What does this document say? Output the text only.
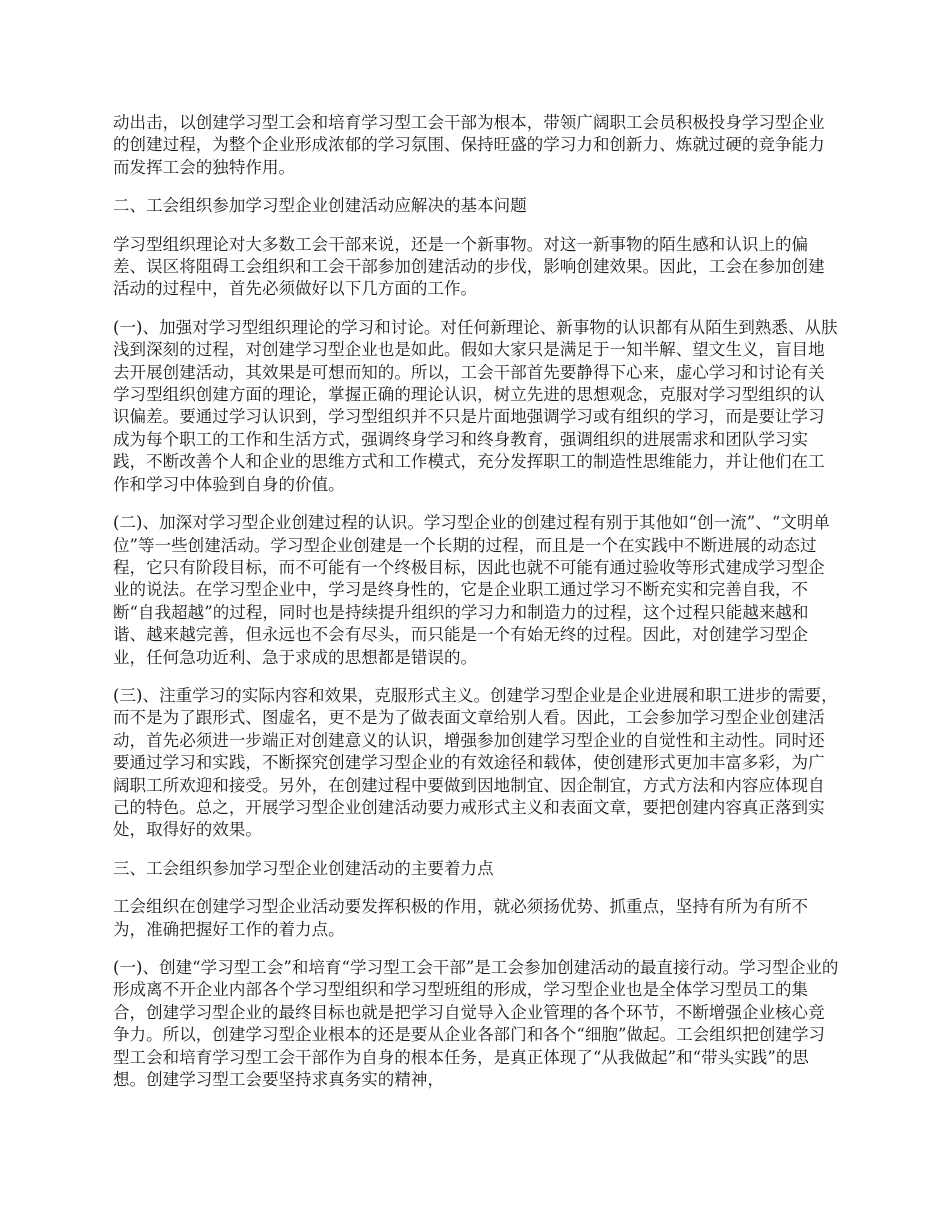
动出击，以创建学习型工会和培育学习型工会干部为根本，带领广阔职工会员积极投身学习型企业的创建过程，为整个企业形成浓郁的学习氛围、保持旺盛的学习力和创新力、炼就过硬的竞争能力而发挥工会的独特作用。

二、工会组织参加学习型企业创建活动应解决的基本问题

学习型组织理论对大多数工会干部来说，还是一个新事物。对这一新事物的陌生感和认识上的偏差、误区将阻碍工会组织和工会干部参加创建活动的步伐，影响创建效果。因此，工会在参加创建活动的过程中，首先必须做好以下几方面的工作。

(一)、加强对学习型组织理论的学习和讨论。对任何新理论、新事物的认识都有从陌生到熟悉、从肤浅到深刻的过程，对创建学习型企业也是如此。假如大家只是满足于一知半解、望文生义，盲目地去开展创建活动，其效果是可想而知的。所以，工会干部首先要静得下心来，虚心学习和讨论有关学习型组织创建方面的理论，掌握正确的理论认识，树立先进的思想观念，克服对学习型组织的认识偏差。要通过学习认识到，学习型组织并不只是片面地强调学习或有组织的学习，而是要让学习成为每个职工的工作和生活方式，强调终身学习和终身教育，强调组织的进展需求和团队学习实践，不断改善个人和企业的思维方式和工作模式，充分发挥职工的制造性思维能力，并让他们在工作和学习中体验到自身的价值。

(二)、加深对学习型企业创建过程的认识。学习型企业的创建过程有别于其他如“创一流”、“文明单位”等一些创建活动。学习型企业创建是一个长期的过程，而且是一个在实践中不断进展的动态过程，它只有阶段目标，而不可能有一个终极目标，因此也就不可能有通过验收等形式建成学习型企业的说法。在学习型企业中，学习是终身性的，它是企业职工通过学习不断充实和完善自我，不断“自我超越”的过程，同时也是持续提升组织的学习力和制造力的过程，这个过程只能越来越和谐、越来越完善，但永远也不会有尽头，而只能是一个有始无终的过程。因此，对创建学习型企业，任何急功近利、急于求成的思想都是错误的。

(三)、注重学习的实际内容和效果，克服形式主义。创建学习型企业是企业进展和职工进步的需要，而不是为了跟形式、图虚名，更不是为了做表面文章给别人看。因此，工会参加学习型企业创建活动，首先必须进一步端正对创建意义的认识，增强参加创建学习型企业的自觉性和主动性。同时还要通过学习和实践，不断探究创建学习型企业的有效途径和载体，使创建形式更加丰富多彩，为广阔职工所欢迎和接受。另外，在创建过程中要做到因地制宜、因企制宜，方式方法和内容应体现自己的特色。总之，开展学习型企业创建活动要力戒形式主义和表面文章，要把创建内容真正落到实处，取得好的效果。

三、工会组织参加学习型企业创建活动的主要着力点

工会组织在创建学习型企业活动要发挥积极的作用，就必须扬优势、抓重点，坚持有所为有所不为，准确把握好工作的着力点。

(一)、创建“学习型工会”和培育“学习型工会干部”是工会参加创建活动的最直接行动。学习型企业的形成离不开企业内部各个学习型组织和学习型班组的形成，学习型企业也是全体学习型员工的集合，创建学习型企业的最终目标也就是把学习自觉导入企业管理的各个环节，不断增强企业核心竞争力。所以，创建学习型企业根本的还是要从企业各部门和各个“细胞”做起。工会组织把创建学习型工会和培育学习型工会干部作为自身的根本任务，是真正体现了“从我做起”和“带头实践”的思想。创建学习型工会要坚持求真务实的精神，
